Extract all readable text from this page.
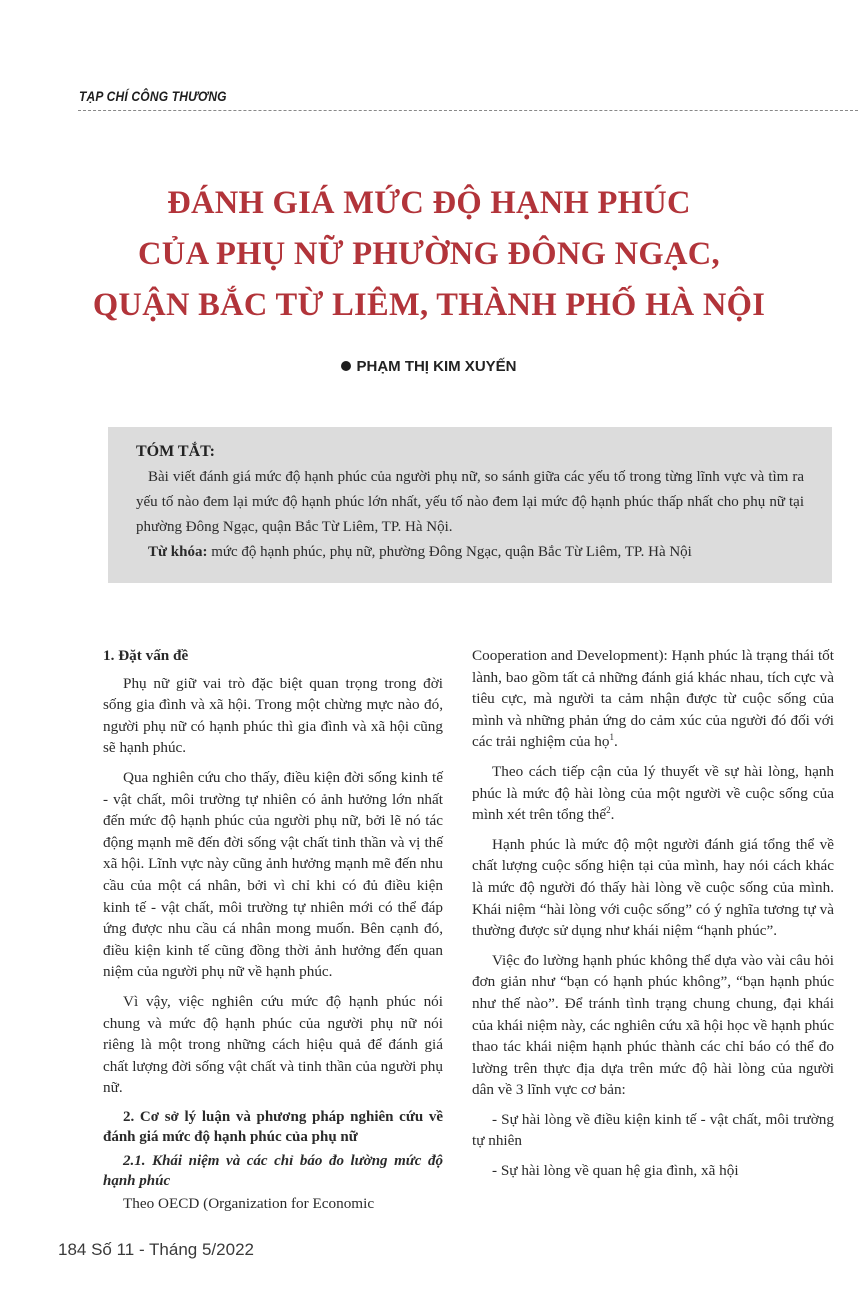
TẠP CHÍ CÔNG THƯƠNG
ĐÁNH GIÁ MỨC ĐỘ HẠNH PHÚC
CỦA PHỤ NỮ PHƯỜNG ĐÔNG NGẠC,
QUẬN BẮC TỪ LIÊM, THÀNH PHỐ HÀ NỘI
PHẠM THỊ KIM XUYẾN
TÓM TẮT:

Bài viết đánh giá mức độ hạnh phúc của người phụ nữ, so sánh giữa các yếu tố trong từng lĩnh vực và tìm ra yếu tố nào đem lại mức độ hạnh phúc lớn nhất, yếu tố nào đem lại mức độ hạnh phúc thấp nhất cho phụ nữ tại phường Đông Ngạc, quận Bắc Từ Liêm, TP. Hà Nội.

Từ khóa: mức độ hạnh phúc, phụ nữ, phường Đông Ngạc, quận Bắc Từ Liêm, TP. Hà Nội

1. Đặt vấn đề

Phụ nữ giữ vai trò đặc biệt quan trọng trong đời sống gia đình và xã hội. Trong một chừng mực nào đó, người phụ nữ có hạnh phúc thì gia đình và xã hội cũng sẽ hạnh phúc.

Qua nghiên cứu cho thấy, điều kiện đời sống kinh tế - vật chất, môi trường tự nhiên có ảnh hưởng lớn nhất đến mức độ hạnh phúc của người phụ nữ, bởi lẽ nó tác động mạnh mẽ đến đời sống vật chất tinh thần và vị thế xã hội. Lĩnh vực này cũng ảnh hưởng mạnh mẽ đến nhu cầu của một cá nhân, bởi vì chỉ khi có đủ điều kiện kinh tế - vật chất, môi trường tự nhiên mới có thể đáp ứng được nhu cầu cá nhân mong muốn. Bên cạnh đó, điều kiện kinh tế cũng đồng thời ảnh hưởng đến quan niệm của người phụ nữ về hạnh phúc.

Vì vậy, việc nghiên cứu mức độ hạnh phúc nói chung và mức độ hạnh phúc của người phụ nữ nói riêng là một trong những cách hiệu quả để đánh giá chất lượng đời sống vật chất và tinh thần của người phụ nữ.

2. Cơ sở lý luận và phương pháp nghiên cứu về đánh giá mức độ hạnh phúc của phụ nữ
2.1. Khái niệm và các chỉ báo đo lường mức độ hạnh phúc

Theo OECD (Organization for Economic

Cooperation and Development): Hạnh phúc là trạng thái tốt lành, bao gồm tất cả những đánh giá khác nhau, tích cực và tiêu cực, mà người ta cảm nhận được từ cuộc sống của mình và những phản ứng do cảm xúc của người đó đối với các trải nghiệm của họ$^1$.

Theo cách tiếp cận của lý thuyết về sự hài lòng, hạnh phúc là mức độ hài lòng của một người về cuộc sống của mình xét trên tổng thể$^2$.

Hạnh phúc là mức độ một người đánh giá tổng thể về chất lượng cuộc sống hiện tại của mình, hay nói cách khác là mức độ người đó thấy hài lòng về cuộc sống của mình. Khái niệm “hài lòng với cuộc sống” có ý nghĩa tương tự và thường được sử dụng như khái niệm “hạnh phúc”.

Việc đo lường hạnh phúc không thể dựa vào vài câu hỏi đơn giản như “bạn có hạnh phúc không”, “bạn hạnh phúc như thế nào”. Để tránh tình trạng chung chung, đại khái của khái niệm này, các nghiên cứu xã hội học về hạnh phúc thao tác khái niệm hạnh phúc thành các chỉ báo có thể đo lường trên thực địa dựa trên mức độ hài lòng của người dân về 3 lĩnh vực cơ bản:

- Sự hài lòng về điều kiện kinh tế - vật chất, môi trường tự nhiên

- Sự hài lòng về quan hệ gia đình, xã hội

184 Số 11 - Tháng 5/2022
